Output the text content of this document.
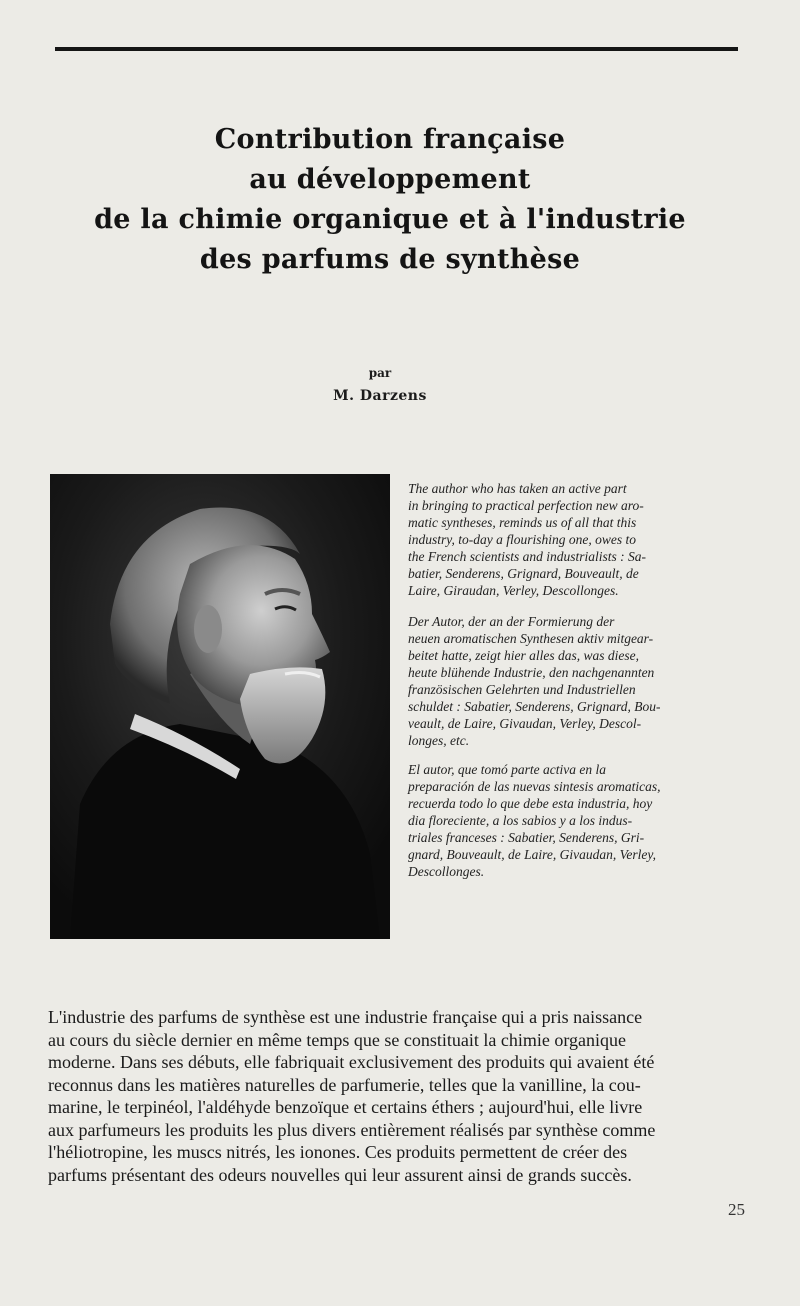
Contribution française
au développement
de la chimie organique et à l'industrie
des parfums de synthèse
par
M. Darzens

The author who has taken an active part
in bringing to practical perfection new aro-
matic syntheses, reminds us of all that this
industry, to-day a flourishing one, owes to
the French scientists and industrialists : Sa-
batier, Senderens, Grignard, Bouveault, de
Laire, Giraudan, Verley, Descollonges.

Der Autor, der an der Formierung der
neuen aromatischen Synthesen aktiv mitgear-
beitet hatte, zeigt hier alles das, was diese,
heute blühende Industrie, den nachgenannten
französischen Gelehrten und Industriellen
schuldet : Sabatier, Senderens, Grignard, Bou-
veault, de Laire, Givaudan, Verley, Descol-
longes, etc.

El autor, que tomó parte activa en la
preparación de las nuevas sintesis aromaticas,
recuerda todo lo que debe esta industria, hoy
dia floreciente, a los sabios y a los indus-
triales franceses : Sabatier, Senderens, Gri-
gnard, Bouveault, de Laire, Givaudan, Verley,
Descollonges.

L'industrie des parfums de synthèse est une industrie française qui a pris naissance
au cours du siècle dernier en même temps que se constituait la chimie organique
moderne. Dans ses débuts, elle fabriquait exclusivement des produits qui avaient été
reconnus dans les matières naturelles de parfumerie, telles que la vanilline, la cou-
marine, le terpinéol, l'aldéhyde benzoïque et certains éthers ; aujourd'hui, elle livre
aux parfumeurs les produits les plus divers entièrement réalisés par synthèse comme
l'héliotropine, les muscs nitrés, les ionones. Ces produits permettent de créer des
parfums présentant des odeurs nouvelles qui leur assurent ainsi de grands succès.
25
